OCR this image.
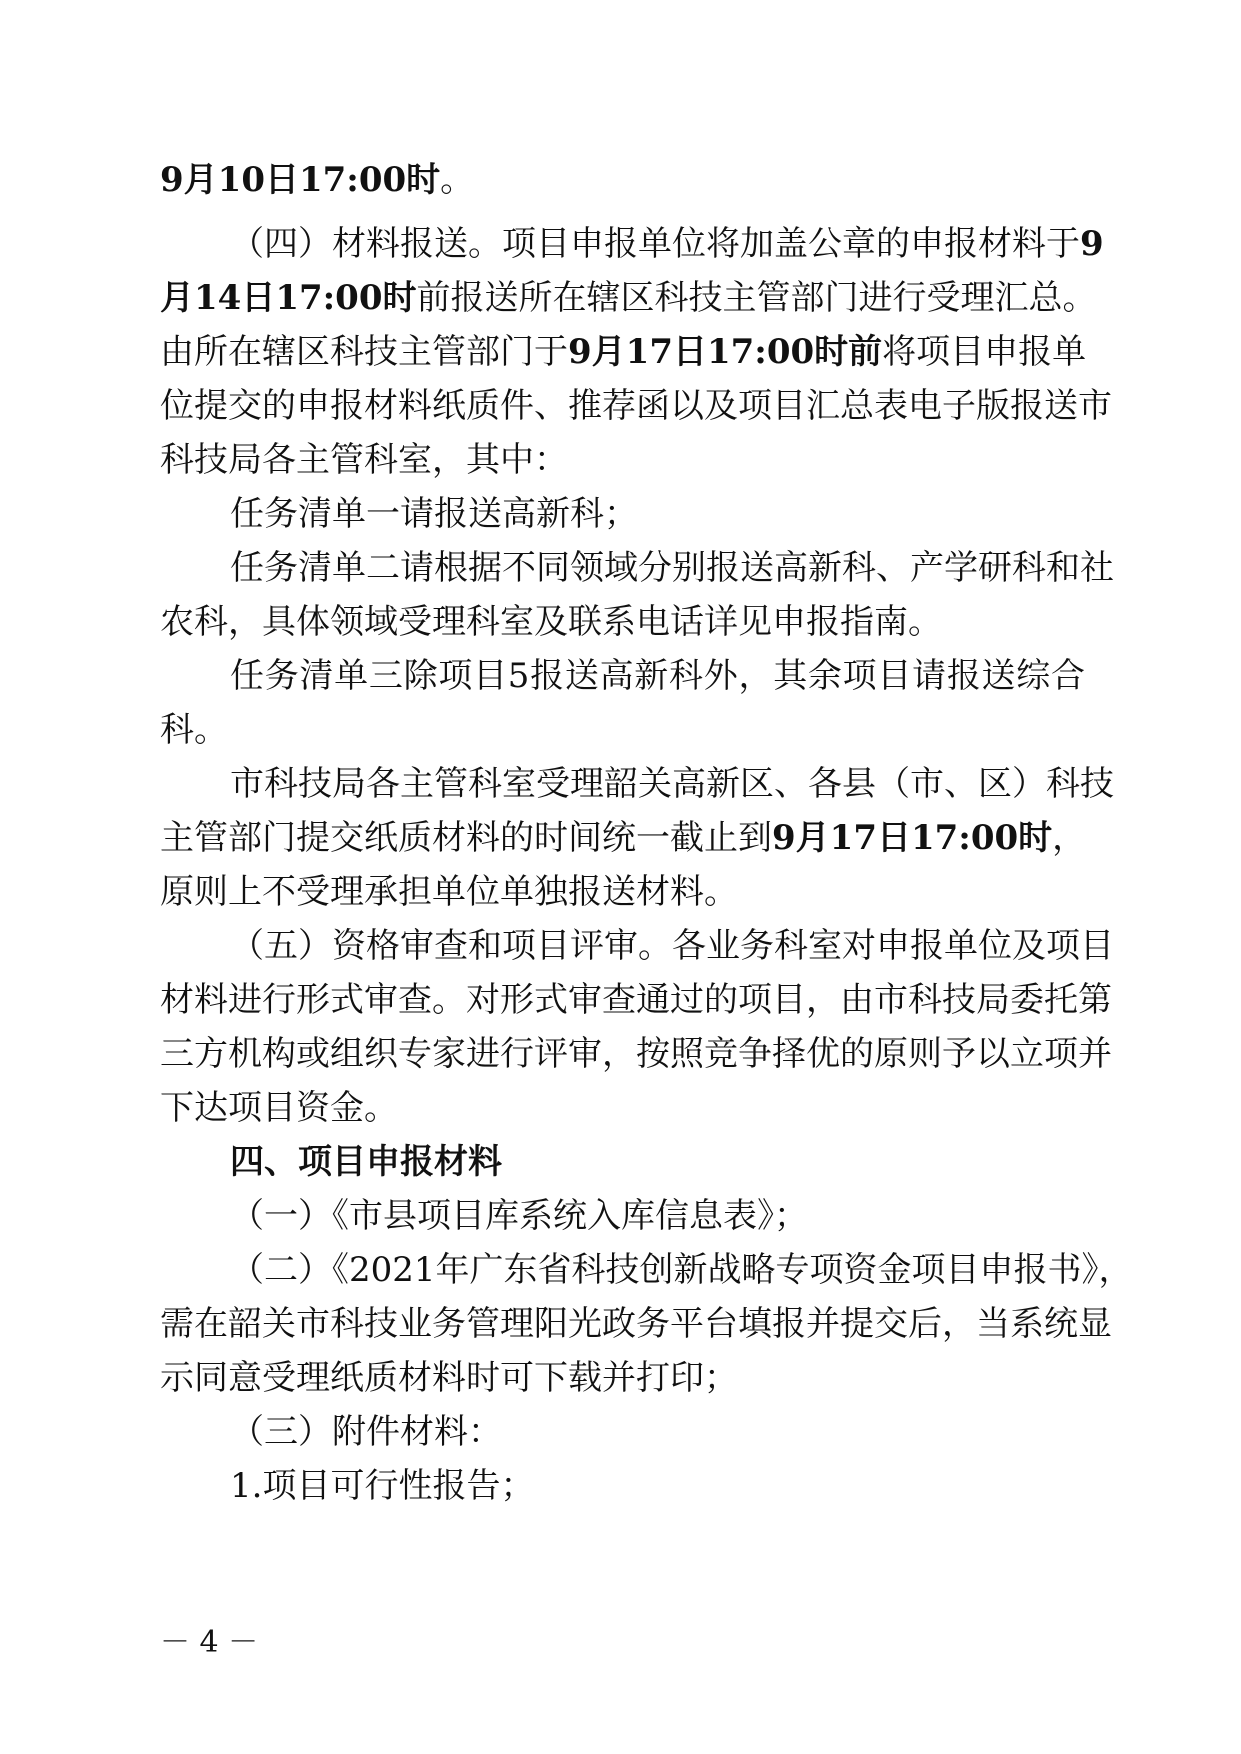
9月10日17:00时。
（四）材料报送。项目申报单位将加盖公章的申报材料于9
月14日17:00时前报送所在辖区科技主管部门进行受理汇总。
由所在辖区科技主管部门于9月17日17:00时前将项目申报单
位提交的申报材料纸质件、推荐函以及项目汇总表电子版报送市
科技局各主管科室，其中：
任务清单一请报送高新科；
任务清单二请根据不同领域分别报送高新科、产学研科和社
农科，具体领域受理科室及联系电话详见申报指南。
任务清单三除项目5报送高新科外，其余项目请报送综合
科。
市科技局各主管科室受理韶关高新区、各县（市、区）科技
主管部门提交纸质材料的时间统一截止到9月17日17:00时，
原则上不受理承担单位单独报送材料。
（五）资格审查和项目评审。各业务科室对申报单位及项目
材料进行形式审查。对形式审查通过的项目，由市科技局委托第
三方机构或组织专家进行评审，按照竞争择优的原则予以立项并
下达项目资金。
四、项目申报材料
（一）《市县项目库系统入库信息表》；
（二）《2021年广东省科技创新战略专项资金项目申报书》，
需在韶关市科技业务管理阳光政务平台填报并提交后，当系统显
示同意受理纸质材料时可下载并打印；
（三）附件材料：
1.项目可行性报告；
－ 4 －
